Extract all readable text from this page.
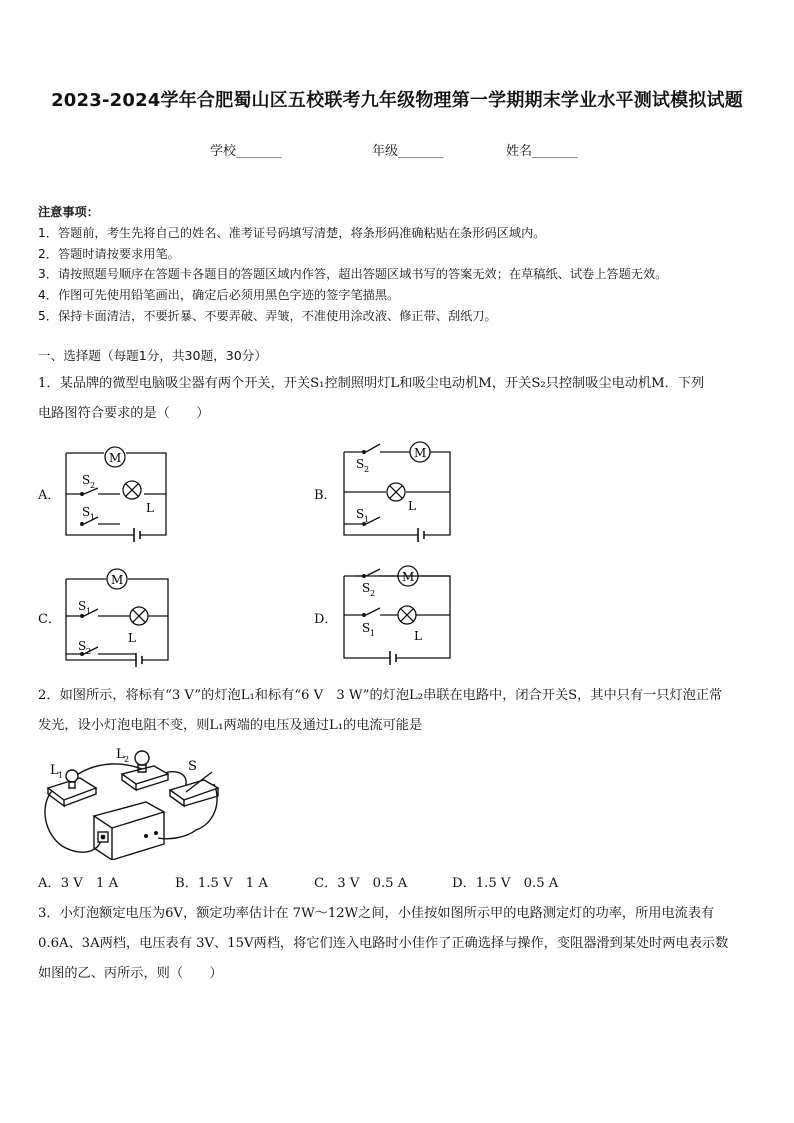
2023-2024学年合肥蜀山区五校联考九年级物理第一学期期末学业水平测试模拟试题
学校_______	年级_______	姓名_______
注意事项：
1．答题前，考生先将自己的姓名、准考证号码填写清楚，将条形码准确粘贴在条形码区域内。
2．答题时请按要求用笔。
3．请按照题号顺序在答题卡各题目的答题区域内作答，超出答题区域书写的答案无效；在草稿纸、试卷上答题无效。
4．作图可先使用铅笔画出，确定后必须用黑色字迹的签字笔描黑。
5．保持卡面清洁，不要折暴、不要弄破、弄皱，不准使用涂改液、修正带、刮纸刀。
一、选择题（每题1分，共30题，30分）
1．某品牌的微型电脑吸尘器有两个开关，开关S₁控制照明灯L和吸尘电动机M，开关S₂只控制吸尘电动机M．下列
电路图符合要求的是（　　）
A．	B．
C．	D．
M
L
S 2
S 1
M
L
S 2
S 1
M
L
S 1
S 2
M
L
S 2
S 1
2．如图所示，将标有“3 V”的灯泡L₁和标有“6 V　3 W”的灯泡L₂串联在电路中，闭合开关S，其中只有一只灯泡正常
发光，设小灯泡电阻不变，则L₁两端的电压及通过L₁的电流可能是
L 1
L 2	S
A．3 V　1 A	B．1.5 V　1 A	C．3 V　0.5 A	D．1.5 V　0.5 A
3．小灯泡额定电压为6V，额定功率估计在 7W～12W之间，小佳按如图所示甲的电路测定灯的功率，所用电流表有
0.6A、3A两档，电压表有 3V、15V两档，将它们连入电路时小佳作了正确选择与操作，变阻器滑到某处时两电表示数
如图的乙、丙所示，则（　　）
